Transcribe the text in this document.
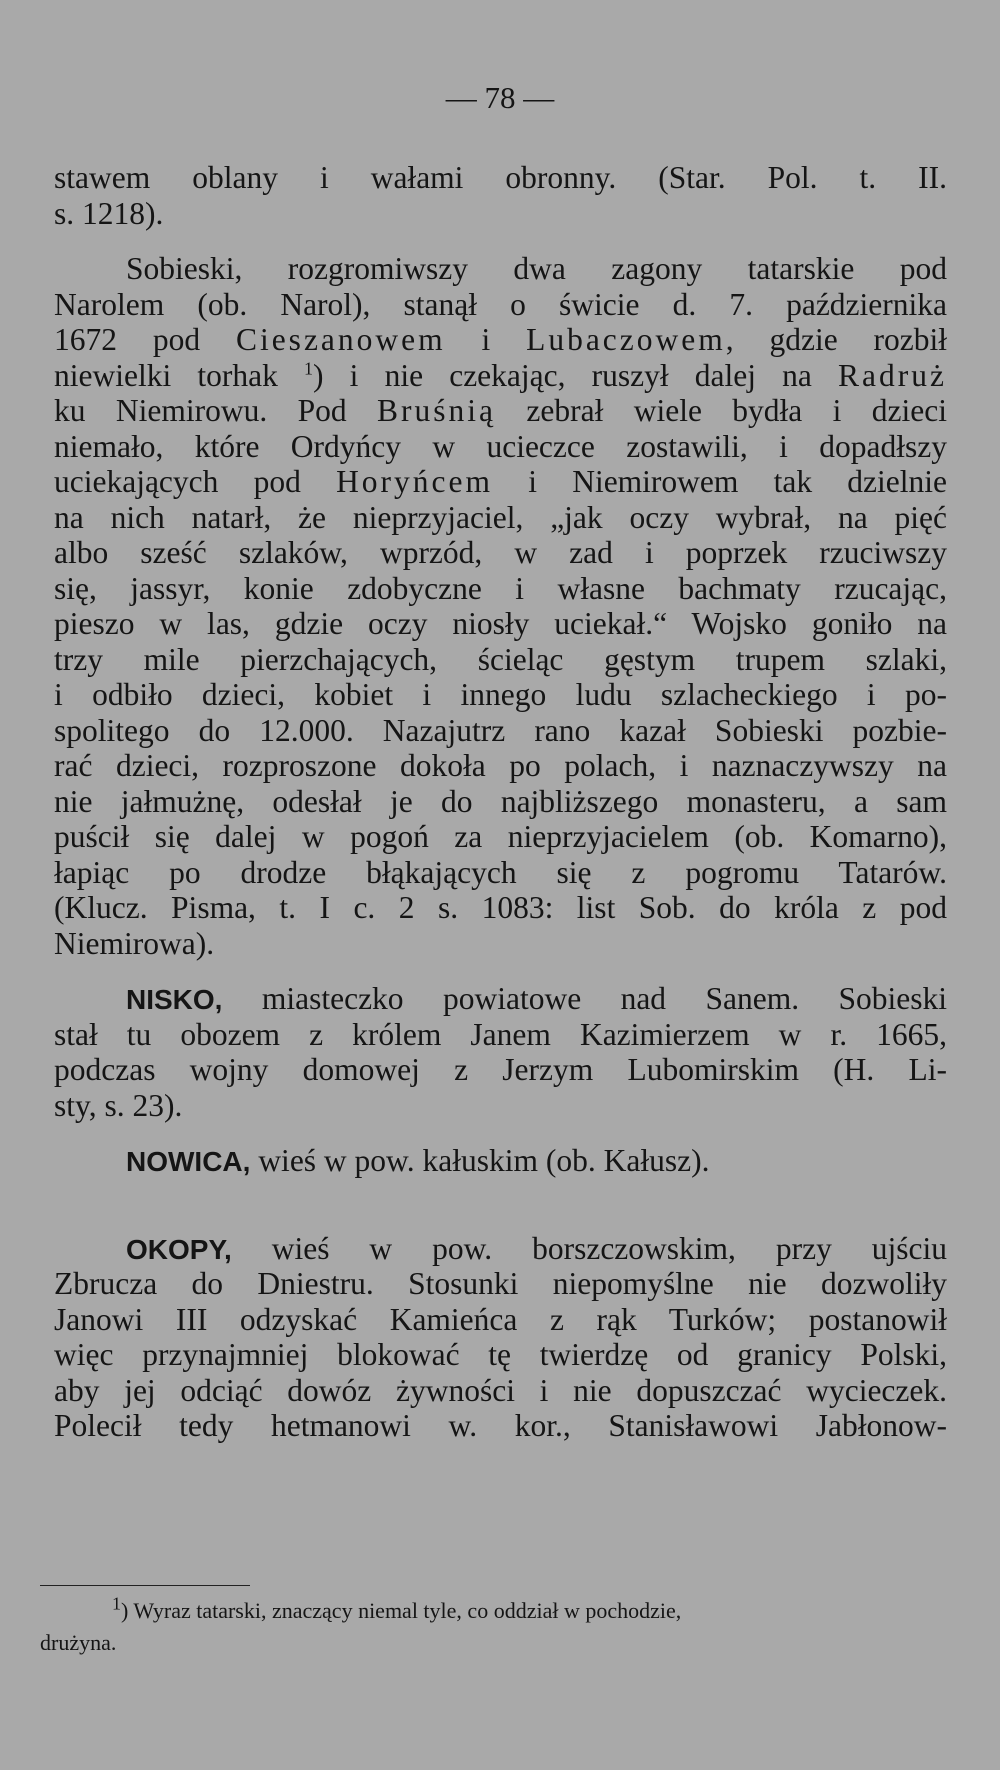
— 78 —
stawem oblany i wałami obronny. (Star. Pol. t. II.
s. 1218).
Sobieski, rozgromiwszy dwa zagony tatarskie pod
Narolem (ob. Narol), stanął o świcie d. 7. października
1672 pod Cieszanowem i Lubaczowem, gdzie rozbił
niewielki torhak $^1$) i nie czekając, ruszył dalej na Radruż
ku Niemirowu. Pod Bruśnią zebrał wiele bydła i dzieci
niemało, które Ordyńcy w ucieczce zostawili, i dopadłszy
uciekających pod Horyńcem i Niemirowem tak dzielnie
na nich natarł, że nieprzyjaciel, „jak oczy wybrał, na pięć
albo sześć szlaków, wprzód, w zad i poprzek rzuciwszy
się, jassyr, konie zdobyczne i własne bachmaty rzucając,
pieszo w las, gdzie oczy niosły uciekał.“ Wojsko goniło na
trzy mile pierzchających, ścieląc gęstym trupem szlaki,
i odbiło dzieci, kobiet i innego ludu szlacheckiego i po-
spolitego do 12.000. Nazajutrz rano kazał Sobieski pozbie-
rać dzieci, rozproszone dokoła po polach, i naznaczywszy na
nie jałmużnę, odesłał je do najbliższego monasteru, a sam
puścił się dalej w pogoń za nieprzyjacielem (ob. Komarno),
łapiąc po drodze błąkających się z pogromu Tatarów.
(Klucz. Pisma, t. I c. 2 s. 1083: list Sob. do króla z pod
Niemirowa).
NISKO, miasteczko powiatowe nad Sanem. Sobieski
stał tu obozem z królem Janem Kazimierzem w r. 1665,
podczas wojny domowej z Jerzym Lubomirskim (H. Li-
sty, s. 23).
NOWICA, wieś w pow. kałuskim (ob. Kałusz).
OKOPY, wieś w pow. borszczowskim, przy ujściu
Zbrucza do Dniestru. Stosunki niepomyślne nie dozwoliły
Janowi III odzyskać Kamieńca z rąk Turków; postanowił
więc przynajmniej blokować tę twierdzę od granicy Polski,
aby jej odciąć dowóz żywności i nie dopuszczać wycieczek.
Polecił tedy hetmanowi w. kor., Stanisławowi Jabłonow-
$^1$) Wyraz tatarski, znaczący niemal tyle, co oddział w pochodzie,
drużyna.
